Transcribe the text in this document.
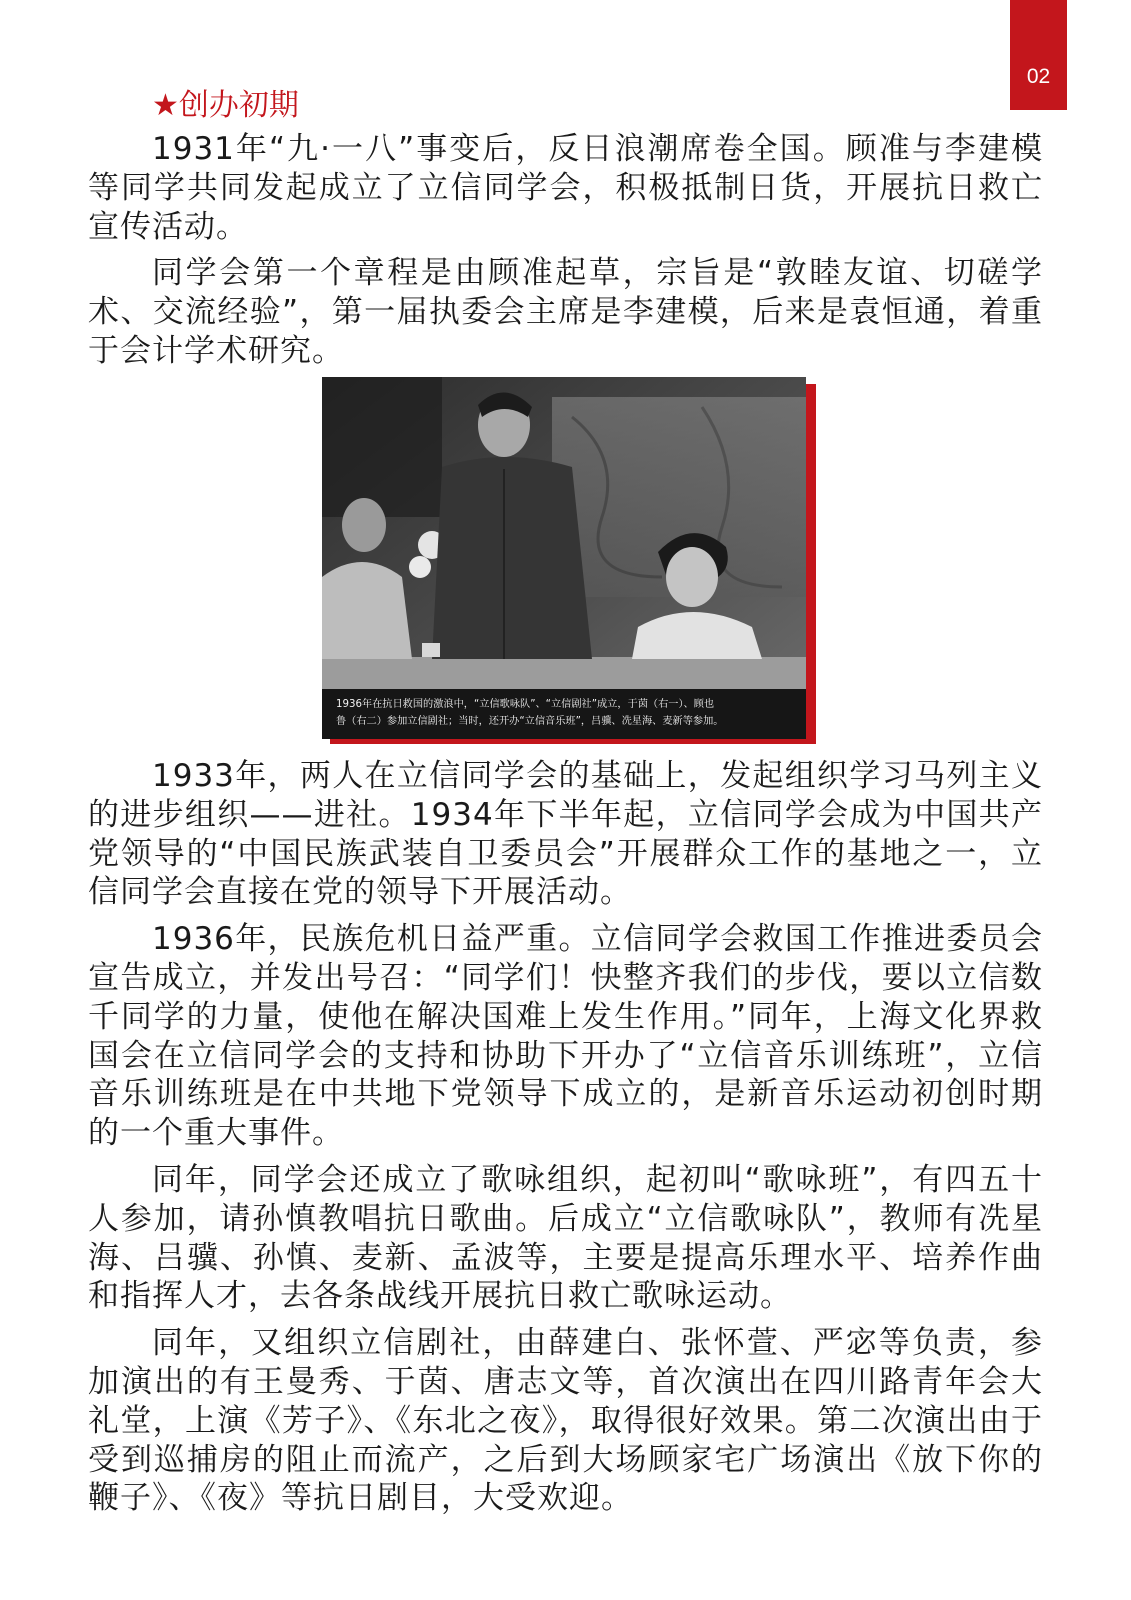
02
★创办初期

1931年“九·一八”事变后，反日浪潮席卷全国。顾准与李建模等同学共同发起成立了立信同学会，积极抵制日货，开展抗日救亡宣传活动。

同学会第一个章程是由顾准起草，宗旨是“敦睦友谊、切磋学术、交流经验”，第一届执委会主席是李建模，后来是袁恒通，着重于会计学术研究。

1936年在抗日救国的激浪中，“立信歌咏队”、“立信剧社”成立，于茵（右一）、顾也
鲁（右二）参加立信剧社；当时，还开办“立信音乐班”，吕骥、冼星海、麦新等参加。

1933年，两人在立信同学会的基础上，发起组织学习马列主义的进步组织——进社。1934年下半年起，立信同学会成为中国共产党领导的“中国民族武装自卫委员会”开展群众工作的基地之一，立信同学会直接在党的领导下开展活动。

1936年，民族危机日益严重。立信同学会救国工作推进委员会宣告成立，并发出号召：“同学们！快整齐我们的步伐，要以立信数千同学的力量，使他在解决国难上发生作用。”同年，上海文化界救国会在立信同学会的支持和协助下开办了“立信音乐训练班”，立信音乐训练班是在中共地下党领导下成立的，是新音乐运动初创时期的一个重大事件。

同年，同学会还成立了歌咏组织，起初叫“歌咏班”，有四五十人参加，请孙慎教唱抗日歌曲。后成立“立信歌咏队”，教师有冼星海、吕骥、孙慎、麦新、孟波等，主要是提高乐理水平、培养作曲和指挥人才，去各条战线开展抗日救亡歌咏运动。

同年，又组织立信剧社，由薛建白、张怀萱、严宓等负责，参加演出的有王曼秀、于茵、唐志文等，首次演出在四川路青年会大礼堂，上演《芳子》、《东北之夜》，取得很好效果。第二次演出由于受到巡捕房的阻止而流产，之后到大场顾家宅广场演出《放下你的鞭子》、《夜》等抗日剧目，大受欢迎。
